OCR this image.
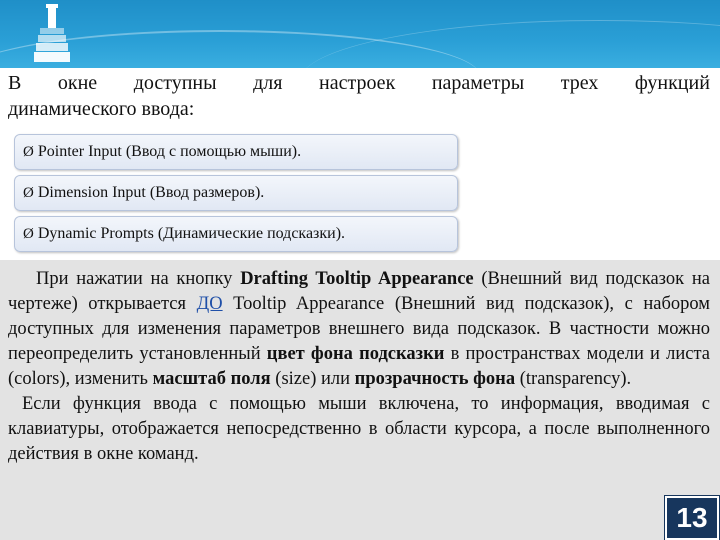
В окне доступны для настроек параметры трех функций
динамического ввода:
Ø Pointer Input (Ввод с помощью мыши).
Ø Dimension Input (Ввод размеров).
Ø Dynamic Prompts (Динамические подсказки).

При нажатии на кнопку Drafting Tooltip Appearance (Внешний вид подсказок на чертеже) открывается ДО Tooltip Appearance (Внешний вид подсказок), с набором доступных для изменения параметров внешнего вида подсказок. В частности можно переопределить установленный цвет фона подсказки в пространствах модели и листа (colors), изменить масштаб поля (size) или прозрачность фона (transparency).

Если функция ввода с помощью мыши включена, то информация, вводимая с клавиатуры, отображается непосредственно в области курсора, а после выполненного действия в окне команд.

13
